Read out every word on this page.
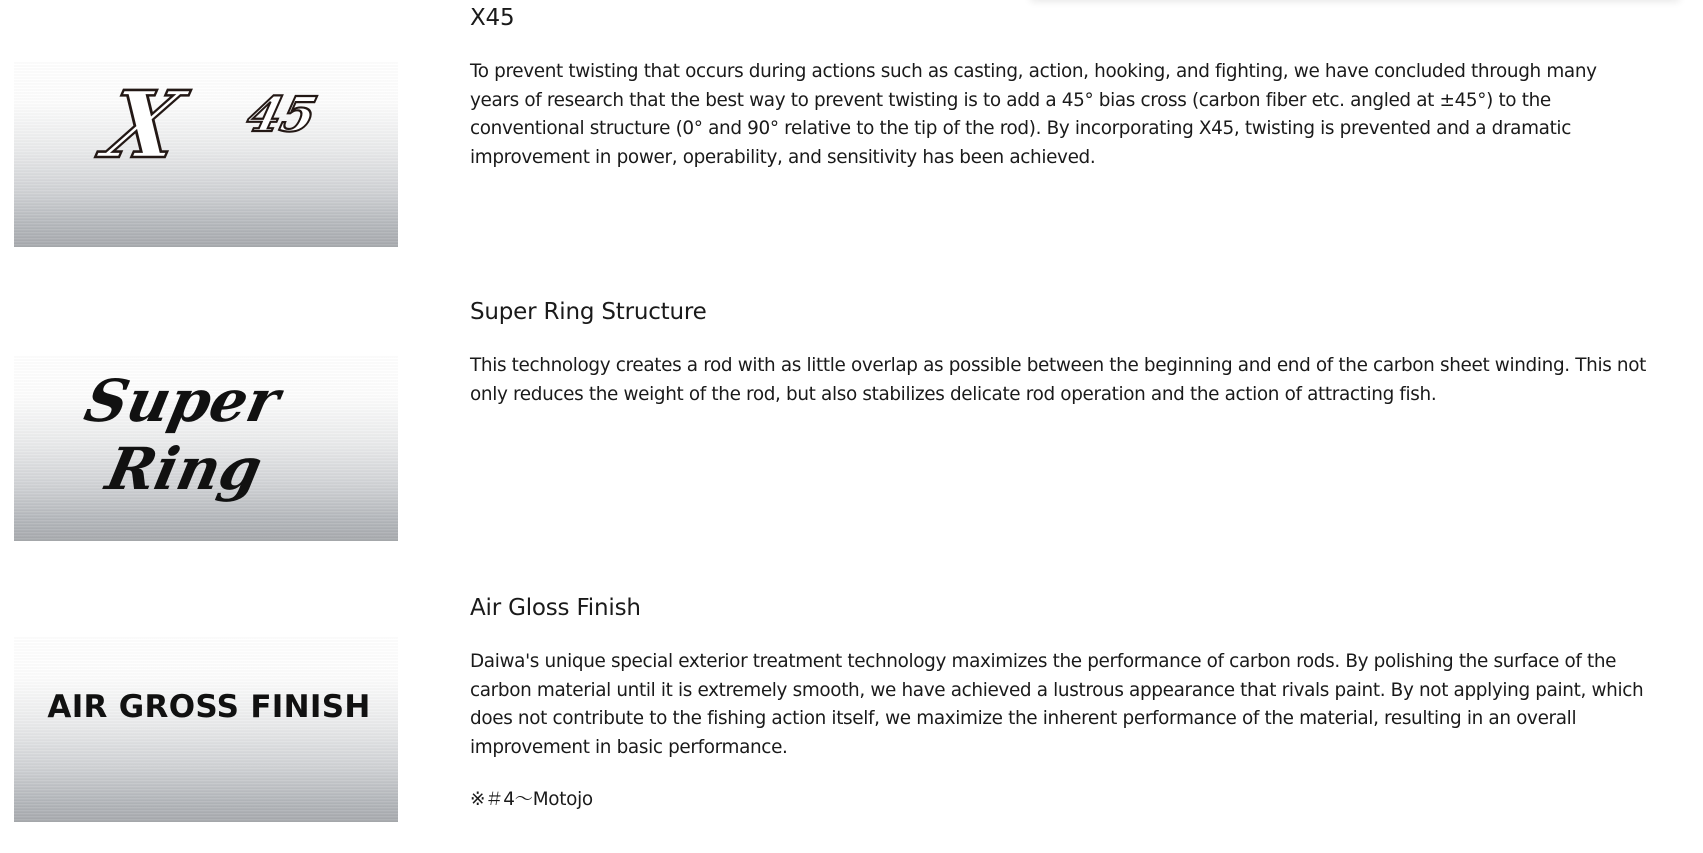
X 45
X45
X45

To prevent twisting that occurs during actions such as casting, action, hooking, and fighting, we have concluded through many years of research that the best way to prevent twisting is to add a 45° bias cross (carbon fiber etc. angled at ±45°) to the conventional structure (0° and 90° relative to the tip of the rod). By incorporating X45, twisting is prevented and a dramatic improvement in power, operability, and sensitivity has been achieved.

Super
Ring
Super Ring Structure

This technology creates a rod with as little overlap as possible between the beginning and end of the carbon sheet winding. This not only reduces the weight of the rod, but also stabilizes delicate rod operation and the action of attracting fish.

AIR GROSS FINISH
Air Gloss Finish

Daiwa's unique special exterior treatment technology maximizes the performance of carbon rods. By polishing the surface of the carbon material until it is extremely smooth, we have achieved a lustrous appearance that rivals paint. By not applying paint, which does not contribute to the fishing action itself, we maximize the inherent performance of the material, resulting in an overall improvement in basic performance.

※＃4〜Motojo
